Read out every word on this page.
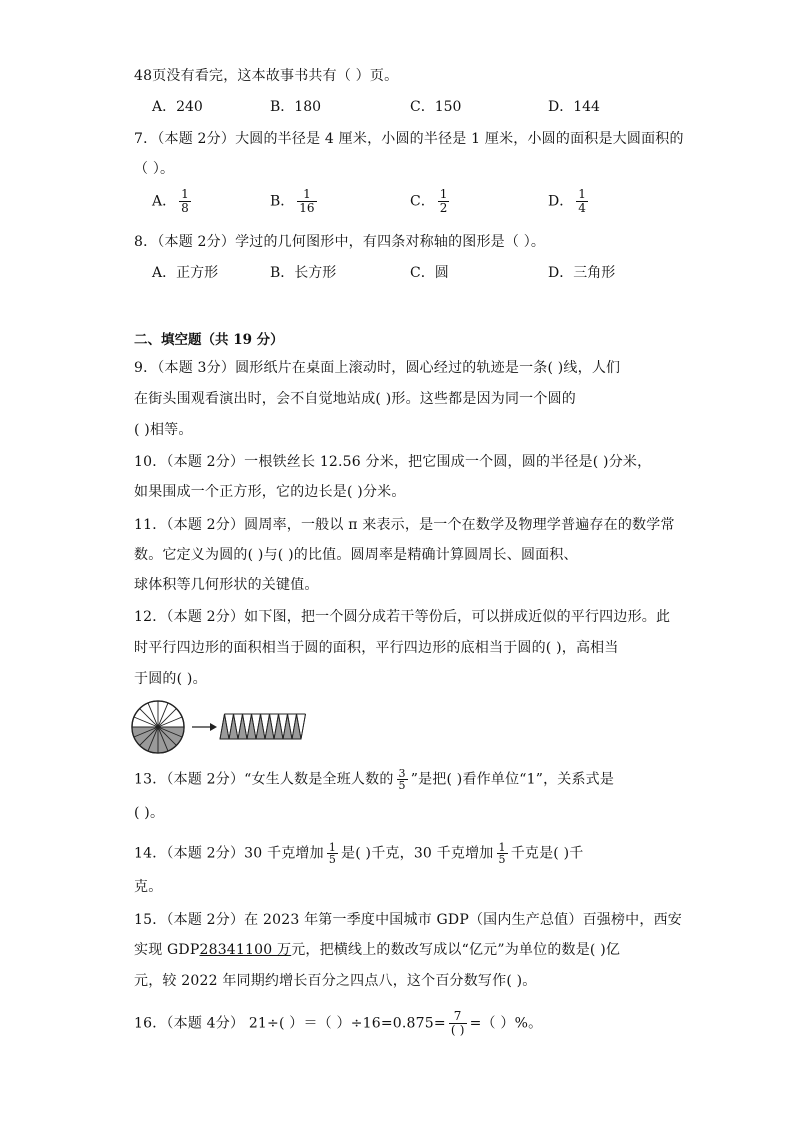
48页没有看完，这本故事书共有（ ）页。
A．240	B．180	C．150	D．144
7．（本题 2分）大圆的半径是 4 厘米，小圆的半径是 1 厘米，小圆的面积是大圆面积的
（ ）。
A． $\frac{1}{8}$	B． $\frac{1}{16}$	C． $\frac{1}{2}$	D． $\frac{1}{4}$
8．（本题 2分）学过的几何图形中，有四条对称轴的图形是（ ）。
A．正方形	B．长方形	C．圆	D．三角形
二、填空题（共 19 分）
9．（本题 3分）圆形纸片在桌面上滚动时，圆心经过的轨迹是一条( )线，人们
在街头围观看演出时，会不自觉地站成( )形。这些都是因为同一个圆的
( )相等。
10．（本题 2分）一根铁丝长 12.56 分米，把它围成一个圆，圆的半径是( )分米，
如果围成一个正方形，它的边长是( )分米。
11．（本题 2分）圆周率，一般以 π 来表示，是一个在数学及物理学普遍存在的数学常
数。它定义为圆的( )与( )的比值。圆周率是精确计算圆周长、圆面积、
球体积等几何形状的关键值。
12．（本题 2分）如下图，把一个圆分成若干等份后，可以拼成近似的平行四边形。此
时平行四边形的面积相当于圆的面积，平行四边形的底相当于圆的( )，高相当
于圆的( )。
13．（本题 2分）“女生人数是全班人数的 $\frac{3}{5}$ ”是把( )看作单位“1”，关系式是
( )。
14．（本题 2分）30 千克增加 $\frac{1}{5}$ 是( )千克，30 千克增加 $\frac{1}{5}$ 千克是( )千
克。
15．（本题 2分）在 2023 年第一季度中国城市 GDP（国内生产总值）百强榜中，西安
实现 GDP28341100 万元，把横线上的数改写成以“亿元”为单位的数是( )亿
元，较 2022 年同期约增长百分之四点八，这个百分数写作( )。
16．（本题 4分） 21÷( ）＝（ ）$\div 16=0.875= \frac{7}{( )}$ =（ ）%。
